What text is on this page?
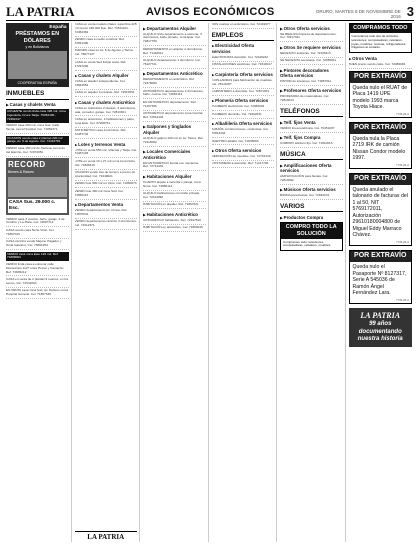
LA PATRIA	AVISOS ECONÓMICOS	ORURO, MARTES 8 DE NOVIEMBRE DE 2016 3
España
PRÉSTAMOS EN DÓLARES
y en Bolivianos
COOPERATIVA ESPAÑA
INMUEBLES
▶ Casas y chalets Venta
URGENTE vendo linda casa 196 m2, zona Ingenieria, Cruce Tarija. 70452100 - 72461017
VENDO casa 200 m2, zona Sud, Calle Tacna, cerca Hospital. Cel. 71854471
OCASION vendo casa 2 plantas 220 m2 garaje, Av. 6 de Agosto. Cel. 72416781
VENDO casa 150 m2 Av. Dehene cerca Av. del Ejército. Cel. 72474051
RECORD
Bienes & Raíces
CASA Sus. 29.000 c. Esc.
VENDO casa 3 cuartos, baño, garaje, 6 de Octubre y La Plata. Cel. 73897714
CASA vendo casa Norte Vinto. Cel. 71867043
CASA céntrica vendo Mejora, Pagador y Soria Galvarro. Cel. 73891254
VENDO casa zona Este 129 m2. Ref. 71808004
VENDO linda casa a estrenar calle Montesinos 1127 entre Potosí y Camacho. Ref. 73845212
CASA en venta de 2 plantas 9 cuartos, en los cerros. Cel. 72541003
EN VENTA casa zona Sud, Av. Dehene cerca Hospital General. Cel. 71807336
CASA en venta modelo chalet, superficie 225 m2 precio 165.000 $us. Ref. 71841104 - 72452381
VENDO casa a medio construir. Ref. 72821300
AVENDO casa en Av. 6 de Agosto y Tacna. Cel. 78877127
CASA en venta Sud Felipe Auza. Ref. 67297292
▶ Casas y chalets Alquiler
CASA en alquiler independiente. Cel. 73844651
CASA en alquiler zona Este. Ref. 72510051
▶ Casas y chalets Anticrético
CASA en Anticrético 2 plantas, 3 dormitorios, sala, comedor, garaje. Cel. 72813301
CASA en anticrético, 2 habitaciones y patio, zona Este. Cel. 67208731
ANTICRÉTICO casa zona Norte. Ref. 72487743
▶ Lotes y terrenos Venta
LOTE en venta 550 m2, Vilacota y Tarija. Cel. 72467103
LOTE en venta 10 x 27 m2 en la zona Norte. Ref. 71806415
OCASION vendo lote de terreno a precio de oportunidad. Cel. 72449021
VENDO lote 500 m2 en Vinto. Cel. 71860073
VENDO lote 300 m2 zona Sud. Cel. 73860113
▶ Departamentos Venta
VENDO departamento Av. Cívica. Ref. 71876541
VENDO departamento céntrico 3 dormitorios. Cel. 72412371
LA PATRIA
▶ Departamentos Alquiler
ALQUILO lindo departamento a estrenar, 3 dormitorios, baño privado, zona Este. Cel. 72817750
DEPARTAMENTO en alquiler 2 dormitorios. Ref. 71418011
ALQUILO departamento 1 dormitorio. Cel. 76127721
▶ Departamentos Anticrético
DEPARTAMENTO en anticrético. Ref. 72478000
ANTICRÉTICO departamento 2 dormitorios, baño, cocina. Cel. 72846114
EN ANTICRÉTICO departamento. Ref. 71467366
ANTICRÉTICO departamento zona Central. Ref. 72814432
▶ Galpones y tinglados Alquiler
ALQUILO galpón 100 m2 en Av. Tacna. Ref. 72416002
▶ Locales Comerciales Anticrético
EN ANTICRÉTICO tienda con mezanine. Ref. 72713491
▶ Habitaciones Alquiler
CUARTO alquilo a señorita o pareja, zona Norte. Cel. 73880114
ALQUILO habitaciones con baño privado. Cel. 72413090
HABITACIÓN en alquiler. Ref. 71867621
▶ Habitaciones Anticrético
ANTICRÉTICO habitación. Ref. 72497810
HABITACIÓN en anticrético. Cel. 71809016
DOS cuartos en anticrético. Cel. 72419977
EMPLEOS
▶ Electricidad Oferta servicios
ELECTRICISTA domicilio. Cel. 72129242
INSTALACIONES eléctricas. Cel. 71840017
▶ Carpintería Oferta servicios
CUPLLARDAS para fabricación de muebles. Cel. 78141087
CARPINTERO a domicilio. Cel. 72871001
▶ Plomería Oferta servicios
PLOMERO electricista. Cel. 72846004
PLOMERO domicilio. Cel. 71802231
▶ Albañilería Oferta servicios
ALBAÑIL construcciones, cerámicas. Cel. 72813333
MAESTRO albañil. Cel. 71845603
▶ Otros Oferta servicios
REPARACIÓN de muebles. Cel. 72716449
COSTURERA a domicilio. Ref. 71417706
▶ Otros Oferta servicios
SE REALIZA limpieza de departamentos. Cel. 70117021
▶ Otros Se requiere servicios
NECESITO asistente. Cel. 72105113
SE NECESITA secretaria. Cel. 72850011
▶ Pintores decoradores Oferta servicios
PINTOR de interiores. Cel. 71867011
▶ Profesores Oferta servicios
PROFESORA de matemáticas. Cel. 72819013
TELÉFONOS
▶ Telf. fijos Venta
VENDO línea telefónica. Cel. 70451007
▶ Telf. fijos Compra
COMPRO teléfono fijo. Cel. 71810015
MÚSICA
▶ Amplificaciones Oferta servicios
AMPLIFICACIÓN para fiestas. Cel. 72810092
▶ Músicos Oferta servicios
BANDA para fiestas. Cel. 72843101
VARIOS
▶ Productos Compra
COMPRO TODO LA SOLUCIÓN
Compramos todo: televisores, computadoras, celulares, muebles.
COMPRAMOS TODO
Compramos todo tipo de artículos: televisores, computadoras, celulares, joyas, muebles, cocinas, refrigeradores. Pagamos al contado.
▶ Otros Venta
BUEN precio vendo catre. Cel. 72489046
POR EXTRAVÍO
Queda nulo el RUAT de Placa 1419 UPE modelo 1993 marca Toyota Hiace.
7745-26-A
POR EXTRAVÍO
Queda nula la Placa 2719 IRK de camión Nissan Condor modelo 1997.
7745-26-A
POR EXTRAVÍO
Queda anulado el talonario de facturas del 1 al 50, NIT 5769172011, Autorización 29610180004800 de Miguel Eddy Marraco Chávez.
7745-26-A
POR EXTRAVÍO
Queda nulo el Pasaporte Nº 8127317, Serie A 545036 de Ramón Ángel Fernández Lara.
7745-26-A
LA PATRIA
99 años documentando nuestra historia
